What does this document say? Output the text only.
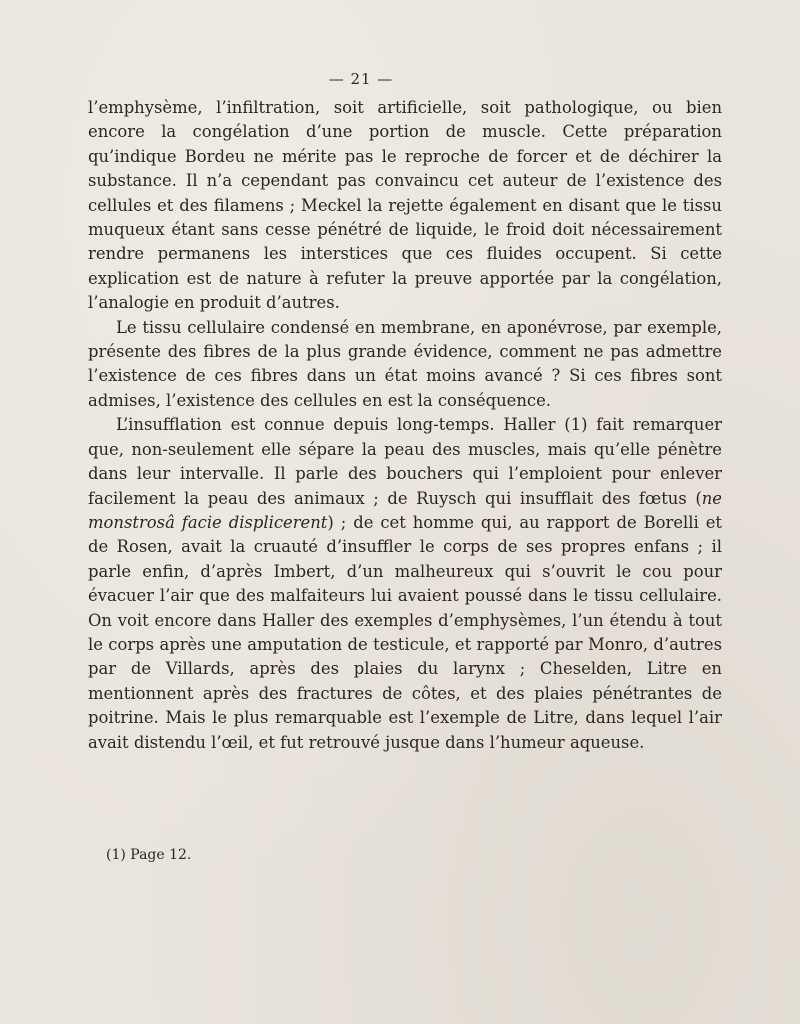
— 21 —

l’emphysème, l’infiltration, soit artificielle, soit pathologique, ou bien encore la congélation d’une portion de muscle. Cette préparation qu’indique Bordeu ne mérite pas le reproche de forcer et de déchirer la substance. Il n’a cependant pas convaincu cet auteur de l’existence des cellules et des filamens ; Meckel la rejette également en disant que le tissu muqueux étant sans cesse pénétré de liquide, le froid doit nécessairement rendre permanens les interstices que ces fluides occupent. Si cette explication est de nature à refuter la preuve apportée par la congélation, l’analogie en produit d’autres.

Le tissu cellulaire condensé en membrane, en aponévrose, par exemple, présente des fibres de la plus grande évidence, comment ne pas admettre l’existence de ces fibres dans un état moins avancé ? Si ces fibres sont admises, l’existence des cellules en est la conséquence.

L’insufflation est connue depuis long-temps. Haller (1) fait remarquer que, non-seulement elle sépare la peau des muscles, mais qu’elle pénètre dans leur intervalle. Il parle des bouchers qui l’emploient pour enlever facilement la peau des animaux ; de Ruysch qui insufflait des fœtus (ne monstrosâ facie displicerent) ; de cet homme qui, au rapport de Borelli et de Rosen, avait la cruauté d’insuffler le corps de ses propres enfans ; il parle enfin, d’après Imbert, d’un malheureux qui s’ouvrit le cou pour évacuer l’air que des malfaiteurs lui avaient poussé dans le tissu cellulaire. On voit encore dans Haller des exemples d’emphysèmes, l’un étendu à tout le corps après une amputation de testicule, et rapporté par Monro, d’autres par de Villards, après des plaies du larynx ; Cheselden, Litre en mentionnent après des fractures de côtes, et des plaies pénétrantes de poitrine. Mais le plus remarquable est l’exemple de Litre, dans lequel l’air avait distendu l’œil, et fut retrouvé jusque dans l’humeur aqueuse.

(1) Page 12.
